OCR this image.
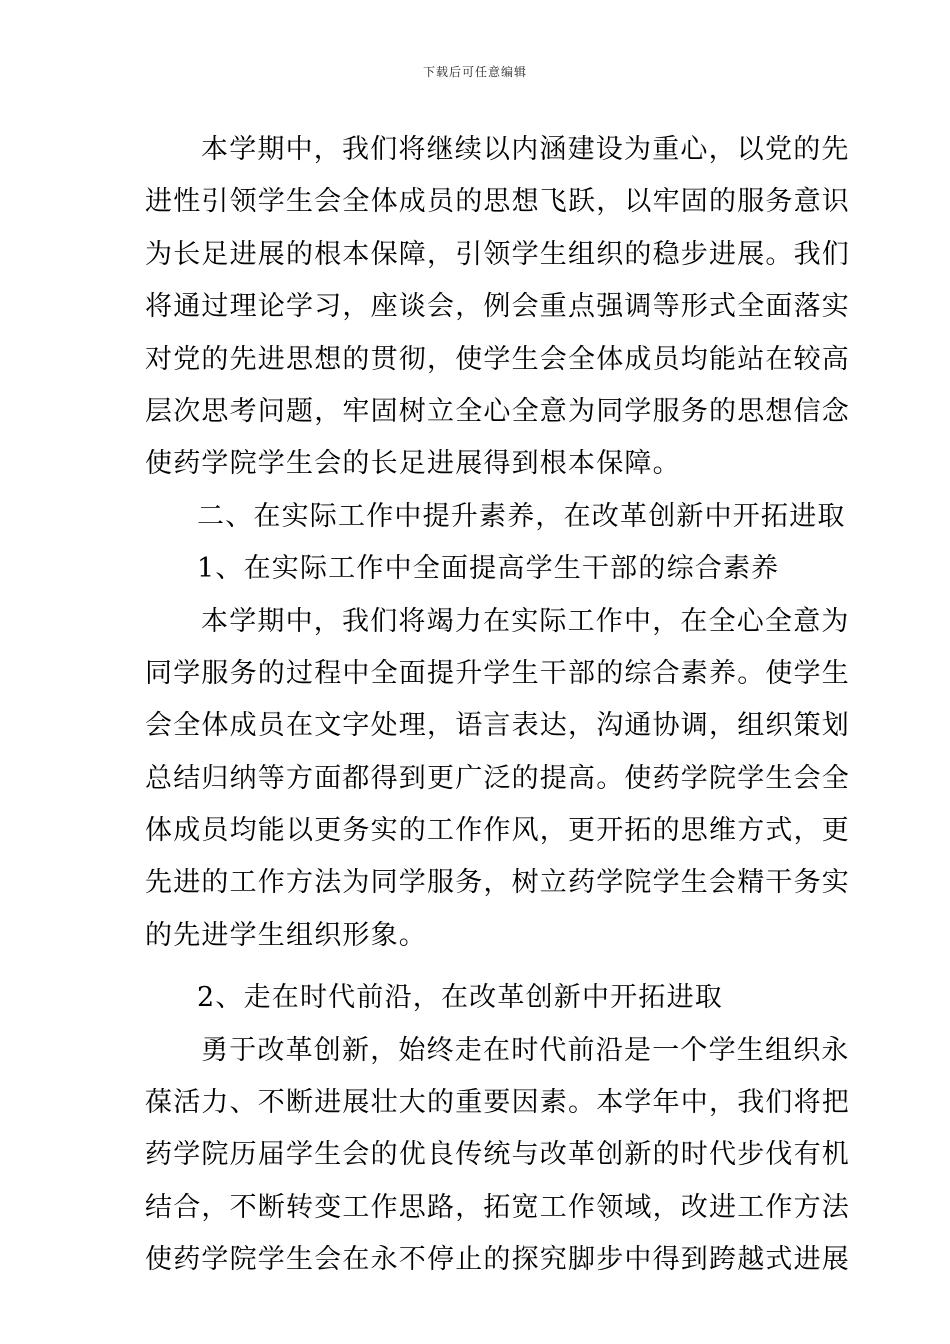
下载后可任意编辑
本学期中，我们将继续以内涵建设为重心，以党的先
进性引领学生会全体成员的思想飞跃，以牢固的服务意识
为长足进展的根本保障，引领学生组织的稳步进展。我们
将通过理论学习，座谈会，例会重点强调等形式全面落实
对党的先进思想的贯彻，使学生会全体成员均能站在较高
层次思考问题，牢固树立全心全意为同学服务的思想信念
使药学院学生会的长足进展得到根本保障。
二、在实际工作中提升素养，在改革创新中开拓进取
1、在实际工作中全面提高学生干部的综合素养
本学期中，我们将竭力在实际工作中，在全心全意为
同学服务的过程中全面提升学生干部的综合素养。使学生
会全体成员在文字处理，语言表达，沟通协调，组织策划
总结归纳等方面都得到更广泛的提高。使药学院学生会全
体成员均能以更务实的工作作风，更开拓的思维方式，更
先进的工作方法为同学服务，树立药学院学生会精干务实
的先进学生组织形象。
2、走在时代前沿，在改革创新中开拓进取
勇于改革创新，始终走在时代前沿是一个学生组织永
葆活力、不断进展壮大的重要因素。本学年中，我们将把
药学院历届学生会的优良传统与改革创新的时代步伐有机
结合，不断转变工作思路，拓宽工作领域，改进工作方法
使药学院学生会在永不停止的探究脚步中得到跨越式进展
